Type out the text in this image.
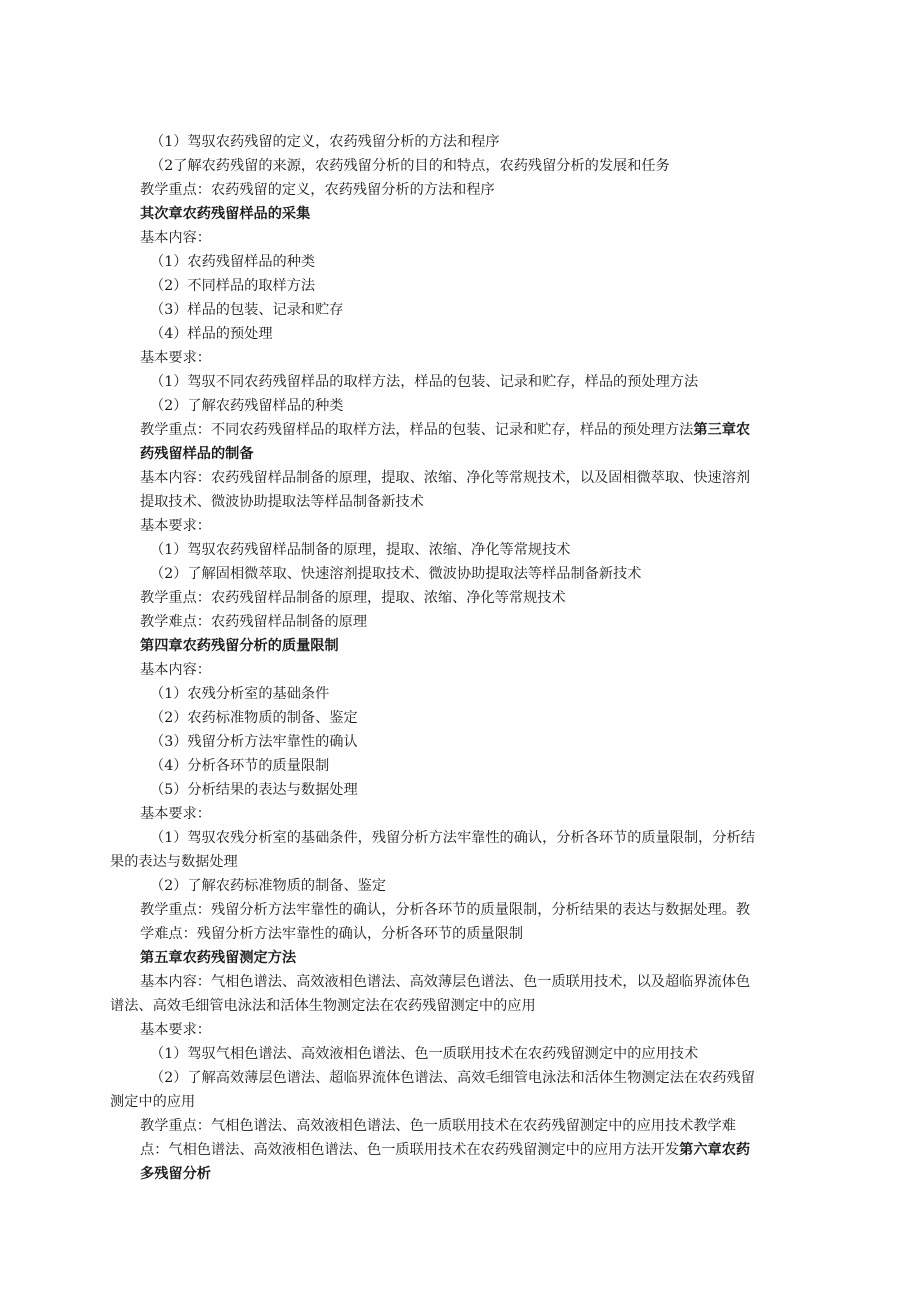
（1）驾驭农药残留的定义，农药残留分析的方法和程序
（2了解农药残留的来源，农药残留分析的目的和特点，农药残留分析的发展和任务
教学重点：农药残留的定义，农药残留分析的方法和程序
其次章农药残留样品的采集
基本内容：
（1）农药残留样品的种类
（2）不同样品的取样方法
（3）样品的包装、记录和贮存
（4）样品的预处理
基本要求：
（1）驾驭不同农药残留样品的取样方法，样品的包装、记录和贮存，样品的预处理方法
（2）了解农药残留样品的种类
教学重点：不同农药残留样品的取样方法，样品的包装、记录和贮存，样品的预处理方法第三章农
药残留样品的制备
基本内容：农药残留样品制备的原理，提取、浓缩、净化等常规技术，以及固相微萃取、快速溶剂
提取技术、微波协助提取法等样品制备新技术
基本要求：
（1）驾驭农药残留样品制备的原理，提取、浓缩、净化等常规技术
（2）了解固相微萃取、快速溶剂提取技术、微波协助提取法等样品制备新技术
教学重点：农药残留样品制备的原理，提取、浓缩、净化等常规技术
教学难点：农药残留样品制备的原理
第四章农药残留分析的质量限制
基本内容：
（1）农残分析室的基础条件
（2）农药标准物质的制备、鉴定
（3）残留分析方法牢靠性的确认
（4）分析各环节的质量限制
（5）分析结果的表达与数据处理
基本要求：
（1）驾驭农残分析室的基础条件，残留分析方法牢靠性的确认，分析各环节的质量限制，分析结
果的表达与数据处理
（2）了解农药标准物质的制备、鉴定
教学重点：残留分析方法牢靠性的确认，分析各环节的质量限制，分析结果的表达与数据处理。教
学难点：残留分析方法牢靠性的确认，分析各环节的质量限制
第五章农药残留测定方法
基本内容：气相色谱法、高效液相色谱法、高效薄层色谱法、色一质联用技术，以及超临界流体色
谱法、高效毛细管电泳法和活体生物测定法在农药残留测定中的应用
基本要求：
（1）驾驭气相色谱法、高效液相色谱法、色一质联用技术在农药残留测定中的应用技术
（2）了解高效薄层色谱法、超临界流体色谱法、高效毛细管电泳法和活体生物测定法在农药残留
测定中的应用
教学重点：气相色谱法、高效液相色谱法、色一质联用技术在农药残留测定中的应用技术教学难
点：气相色谱法、高效液相色谱法、色一质联用技术在农药残留测定中的应用方法开发第六章农药
多残留分析
